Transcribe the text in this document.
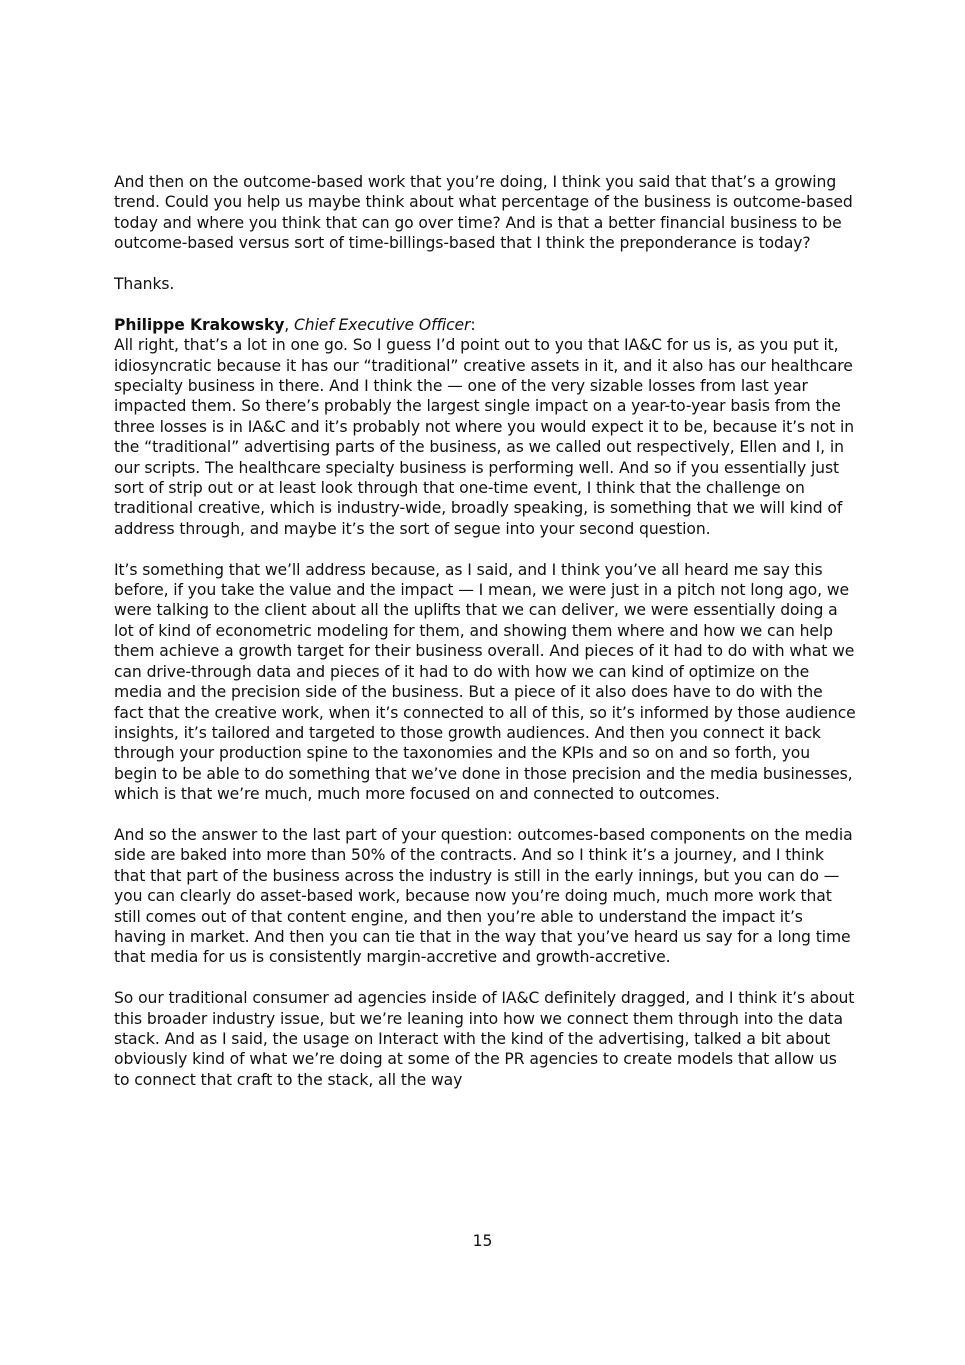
And then on the outcome-based work that you’re doing, I think you said that that’s a growing trend. Could you help us maybe think about what percentage of the business is outcome-based today and where you think that can go over time? And is that a better financial business to be outcome-based versus sort of time-billings-based that I think the preponderance is today?

Thanks.

Philippe Krakowsky, Chief Executive Officer:

All right, that’s a lot in one go. So I guess I’d point out to you that IA&C for us is, as you put it, idiosyncratic because it has our “traditional” creative assets in it, and it also has our healthcare specialty business in there. And I think the — one of the very sizable losses from last year impacted them. So there’s probably the largest single impact on a year-to-year basis from the three losses is in IA&C and it’s probably not where you would expect it to be, because it’s not in the “traditional” advertising parts of the business, as we called out respectively, Ellen and I, in our scripts. The healthcare specialty business is performing well. And so if you essentially just sort of strip out or at least look through that one-time event, I think that the challenge on traditional creative, which is industry-wide, broadly speaking, is something that we will kind of address through, and maybe it’s the sort of segue into your second question.

It’s something that we’ll address because, as I said, and I think you’ve all heard me say this before, if you take the value and the impact — I mean, we were just in a pitch not long ago, we were talking to the client about all the uplifts that we can deliver, we were essentially doing a lot of kind of econometric modeling for them, and showing them where and how we can help them achieve a growth target for their business overall. And pieces of it had to do with what we can drive-through data and pieces of it had to do with how we can kind of optimize on the media and the precision side of the business. But a piece of it also does have to do with the fact that the creative work, when it’s connected to all of this, so it’s informed by those audience insights, it’s tailored and targeted to those growth audiences. And then you connect it back through your production spine to the taxonomies and the KPIs and so on and so forth, you begin to be able to do something that we’ve done in those precision and the media businesses, which is that we’re much, much more focused on and connected to outcomes.

And so the answer to the last part of your question: outcomes-based components on the media side are baked into more than 50% of the contracts. And so I think it’s a journey, and I think that that part of the business across the industry is still in the early innings, but you can do — you can clearly do asset-based work, because now you’re doing much, much more work that still comes out of that content engine, and then you’re able to understand the impact it’s having in market. And then you can tie that in the way that you’ve heard us say for a long time that media for us is consistently margin-accretive and growth-accretive.

So our traditional consumer ad agencies inside of IA&C definitely dragged, and I think it’s about this broader industry issue, but we’re leaning into how we connect them through into the data stack. And as I said, the usage on Interact with the kind of the advertising, talked a bit about obviously kind of what we’re doing at some of the PR agencies to create models that allow us to connect that craft to the stack, all the way

15
